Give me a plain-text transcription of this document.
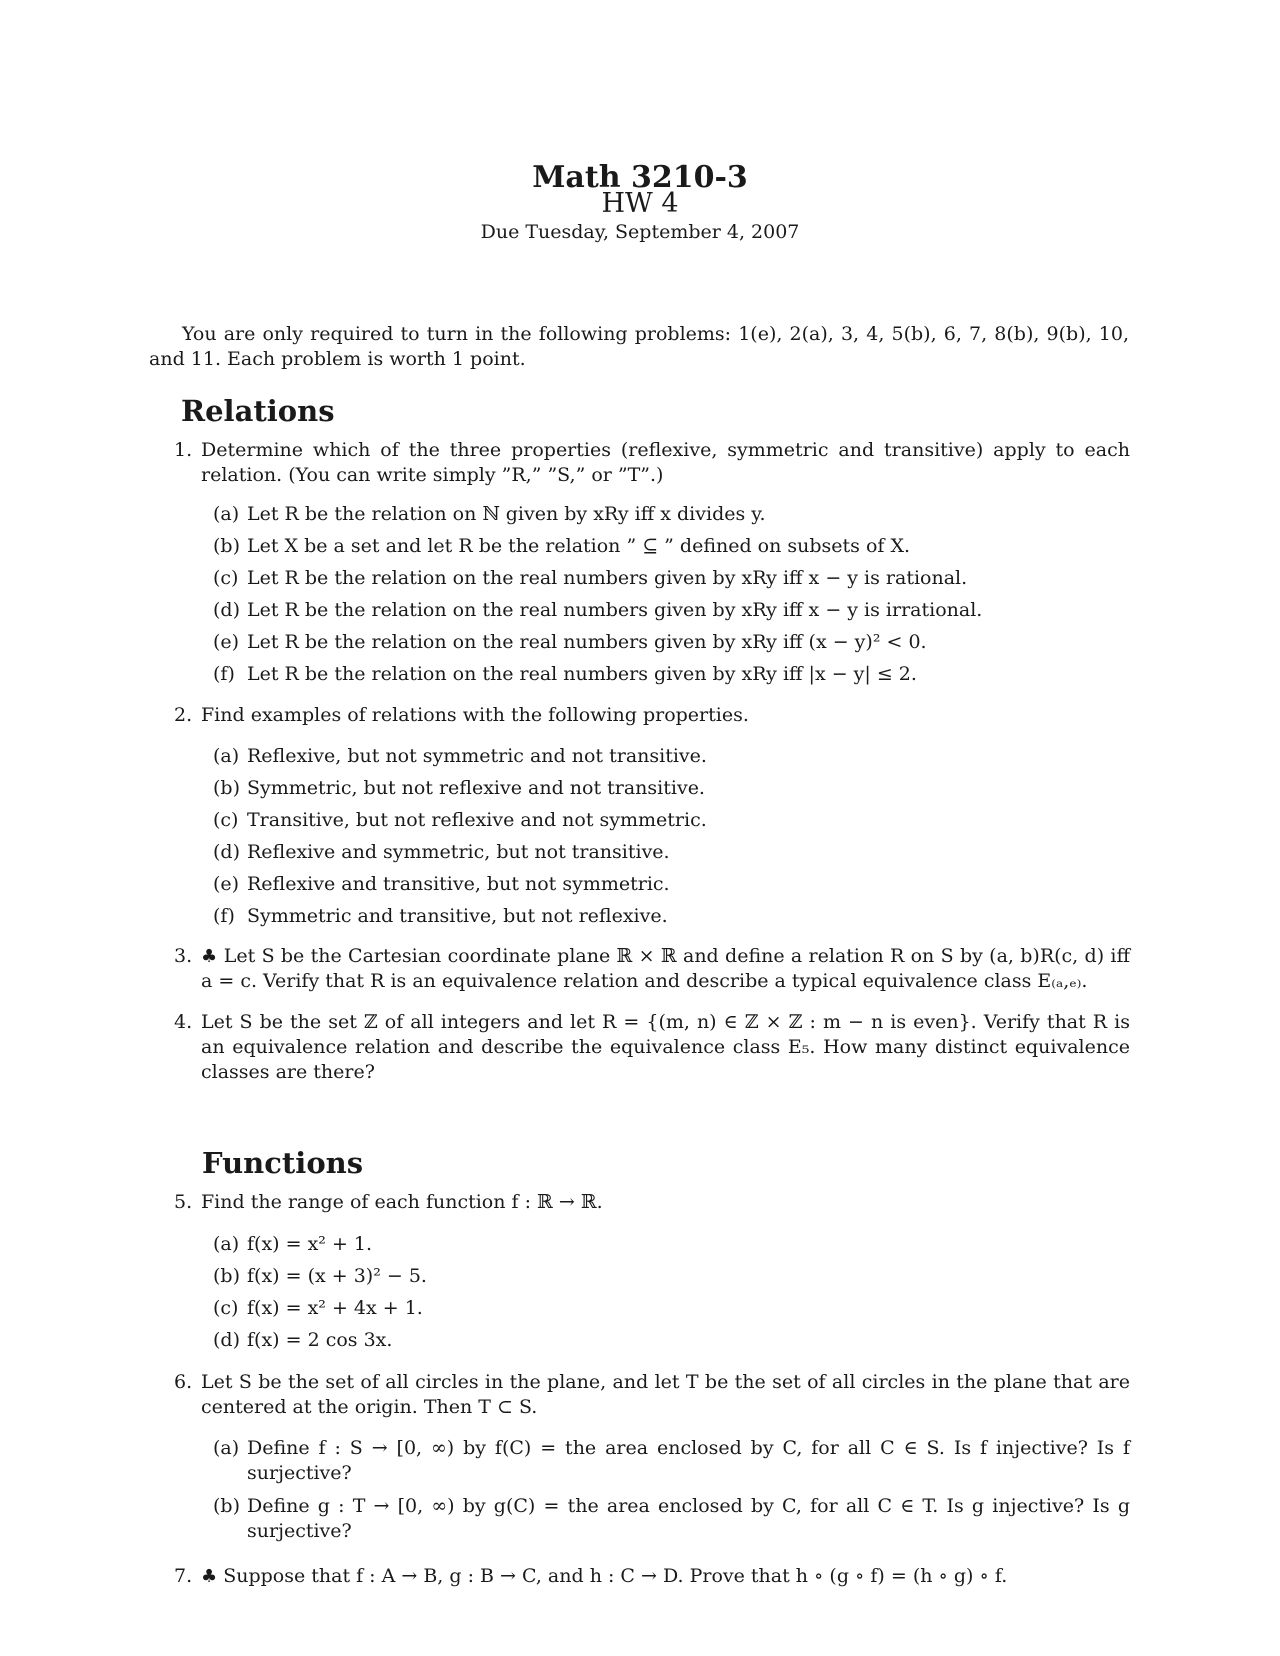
Math 3210-3
HW 4
Due Tuesday, September 4, 2007
You are only required to turn in the following problems: 1(e), 2(a), 3, 4, 5(b), 6, 7, 8(b), 9(b), 10, and 11. Each problem is worth 1 point.
Relations
1. Determine which of the three properties (reflexive, symmetric and transitive) apply to each relation. (You can write simply ”R,” ”S,” or ”T”.)
(a) Let R be the relation on ℕ given by xRy iff x divides y.
(b) Let X be a set and let R be the relation ” ⊆ ” defined on subsets of X.
(c) Let R be the relation on the real numbers given by xRy iff x − y is rational.
(d) Let R be the relation on the real numbers given by xRy iff x − y is irrational.
(e) Let R be the relation on the real numbers given by xRy iff (x − y)² < 0.
(f) Let R be the relation on the real numbers given by xRy iff |x − y| ≤ 2.
2. Find examples of relations with the following properties.
(a) Reflexive, but not symmetric and not transitive.
(b) Symmetric, but not reflexive and not transitive.
(c) Transitive, but not reflexive and not symmetric.
(d) Reflexive and symmetric, but not transitive.
(e) Reflexive and transitive, but not symmetric.
(f) Symmetric and transitive, but not reflexive.
3. ♣ Let S be the Cartesian coordinate plane ℝ × ℝ and define a relation R on S by (a, b)R(c, d) iff a = c. Verify that R is an equivalence relation and describe a typical equivalence class E₍ₐ,ₑ₎.
4. Let S be the set ℤ of all integers and let R = {(m, n) ∈ ℤ × ℤ : m − n is even}. Verify that R is an equivalence relation and describe the equivalence class E₅. How many distinct equivalence classes are there?
Functions
5. Find the range of each function f : ℝ → ℝ.
(a) f(x) = x² + 1.
(b) f(x) = (x + 3)² − 5.
(c) f(x) = x² + 4x + 1.
(d) f(x) = 2 cos 3x.
6. Let S be the set of all circles in the plane, and let T be the set of all circles in the plane that are centered at the origin. Then T ⊂ S.
(a) Define f : S → [0, ∞) by f(C) = the area enclosed by C, for all C ∈ S. Is f injective? Is f surjective?
(b) Define g : T → [0, ∞) by g(C) = the area enclosed by C, for all C ∈ T. Is g injective? Is g surjective?
7. ♣ Suppose that f : A → B, g : B → C, and h : C → D. Prove that h ∘ (g ∘ f) = (h ∘ g) ∘ f.
